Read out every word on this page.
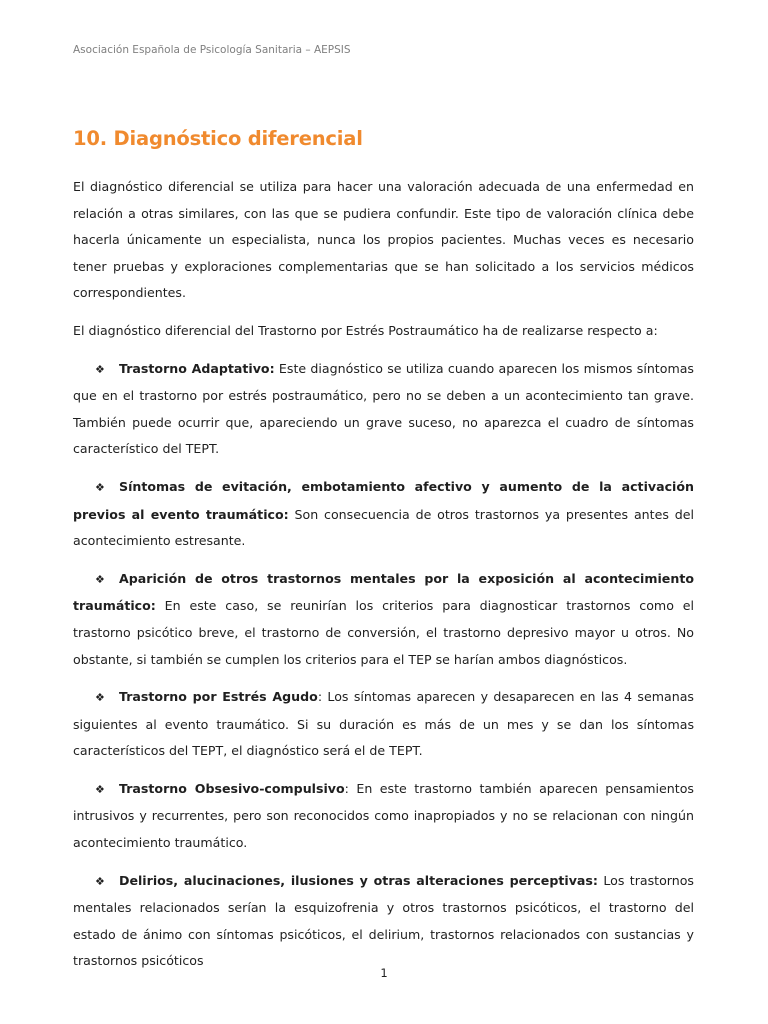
Asociación Española de Psicología Sanitaria – AEPSIS
10. Diagnóstico diferencial

El diagnóstico diferencial se utiliza para hacer una valoración adecuada de una enfermedad en relación a otras similares, con las que se pudiera confundir. Este tipo de valoración clínica debe hacerla únicamente un especialista, nunca los propios pacientes. Muchas veces es necesario tener pruebas y exploraciones complementarias que se han solicitado a los servicios médicos correspondientes.

El diagnóstico diferencial del Trastorno por Estrés Postraumático ha de realizarse respecto a:

❖ Trastorno Adaptativo: Este diagnóstico se utiliza cuando aparecen los mismos síntomas que en el trastorno por estrés postraumático, pero no se deben a un acontecimiento tan grave. También puede ocurrir que, apareciendo un grave suceso, no aparezca el cuadro de síntomas característico del TEPT.

❖ Síntomas de evitación, embotamiento afectivo y aumento de la activación previos al evento traumático: Son consecuencia de otros trastornos ya presentes antes del acontecimiento estresante.

❖ Aparición de otros trastornos mentales por la exposición al acontecimiento traumático: En este caso, se reunirían los criterios para diagnosticar trastornos como el trastorno psicótico breve, el trastorno de conversión, el trastorno depresivo mayor u otros. No obstante, si también se cumplen los criterios para el TEP se harían ambos diagnósticos.

❖ Trastorno por Estrés Agudo: Los síntomas aparecen y desaparecen en las 4 semanas siguientes al evento traumático. Si su duración es más de un mes y se dan los síntomas característicos del TEPT, el diagnóstico será el de TEPT.

❖ Trastorno Obsesivo-compulsivo: En este trastorno también aparecen pensamientos intrusivos y recurrentes, pero son reconocidos como inapropiados y no se relacionan con ningún acontecimiento traumático.

❖ Delirios, alucinaciones, ilusiones y otras alteraciones perceptivas: Los trastornos mentales relacionados serían la esquizofrenia y otros trastornos psicóticos, el trastorno del estado de ánimo con síntomas psicóticos, el delirium, trastornos relacionados con sustancias y trastornos psicóticos

1
